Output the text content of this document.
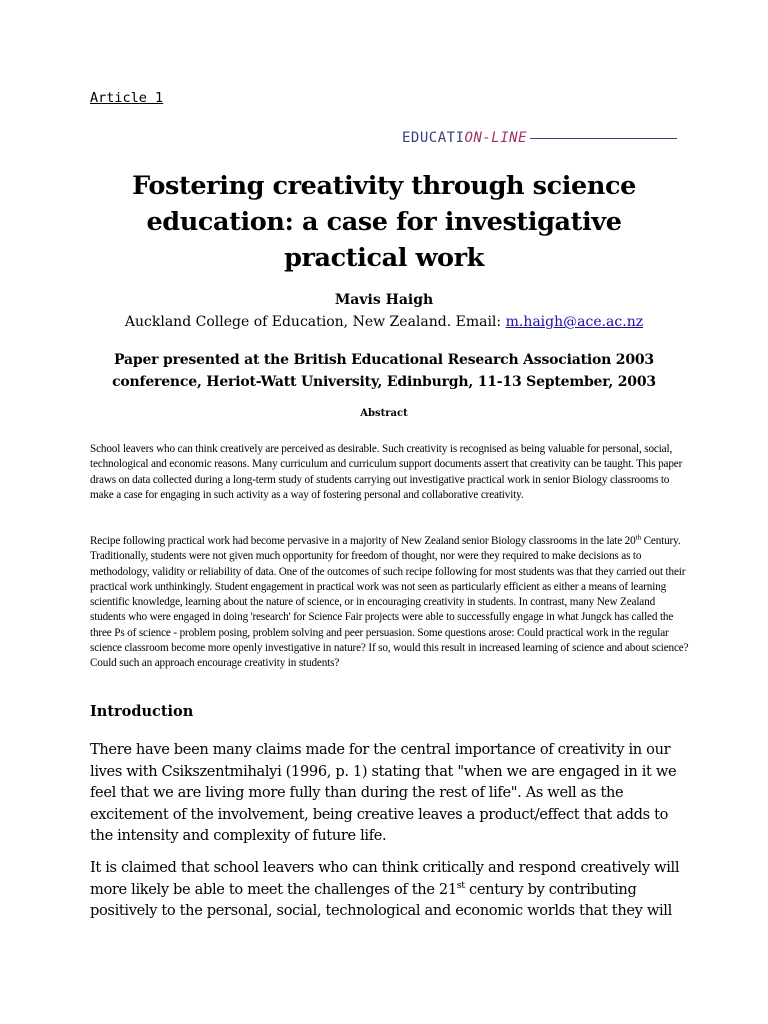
Article 1
EDUCATI ON-LINE
Fostering creativity through science education: a case for investigative practical work
Mavis Haigh
Auckland College of Education, New Zealand. Email: m.haigh@ace.ac.nz

Paper presented at the British Educational Research Association 2003 conference, Heriot-Watt University, Edinburgh, 11-13 September, 2003

Abstract

School leavers who can think creatively are perceived as desirable. Such creativity is recognised as being valuable for personal, social, technological and economic reasons. Many curriculum and curriculum support documents assert that creativity can be taught. This paper draws on data collected during a long-term study of students carrying out investigative practical work in senior Biology classrooms to make a case for engaging in such activity as a way of fostering personal and collaborative creativity.

Recipe following practical work had become pervasive in a majority of New Zealand senior Biology classrooms in the late 20th Century. Traditionally, students were not given much opportunity for freedom of thought, nor were they required to make decisions as to methodology, validity or reliability of data. One of the outcomes of such recipe following for most students was that they carried out their practical work unthinkingly. Student engagement in practical work was not seen as particularly efficient as either a means of learning scientific knowledge, learning about the nature of science, or in encouraging creativity in students. In contrast, many New Zealand students who were engaged in doing 'research' for Science Fair projects were able to successfully engage in what Jungck has called the three Ps of science - problem posing, problem solving and peer persuasion. Some questions arose: Could practical work in the regular science classroom become more openly investigative in nature? If so, would this result in increased learning of science and about science? Could such an approach encourage creativity in students?

Introduction

There have been many claims made for the central importance of creativity in our lives with Csikszentmihalyi (1996, p. 1) stating that "when we are engaged in it we feel that we are living more fully than during the rest of life". As well as the excitement of the involvement, being creative leaves a product/effect that adds to the intensity and complexity of future life.

It is claimed that school leavers who can think critically and respond creatively will more likely be able to meet the challenges of the 21st century by contributing positively to the personal, social, technological and economic worlds that they will
